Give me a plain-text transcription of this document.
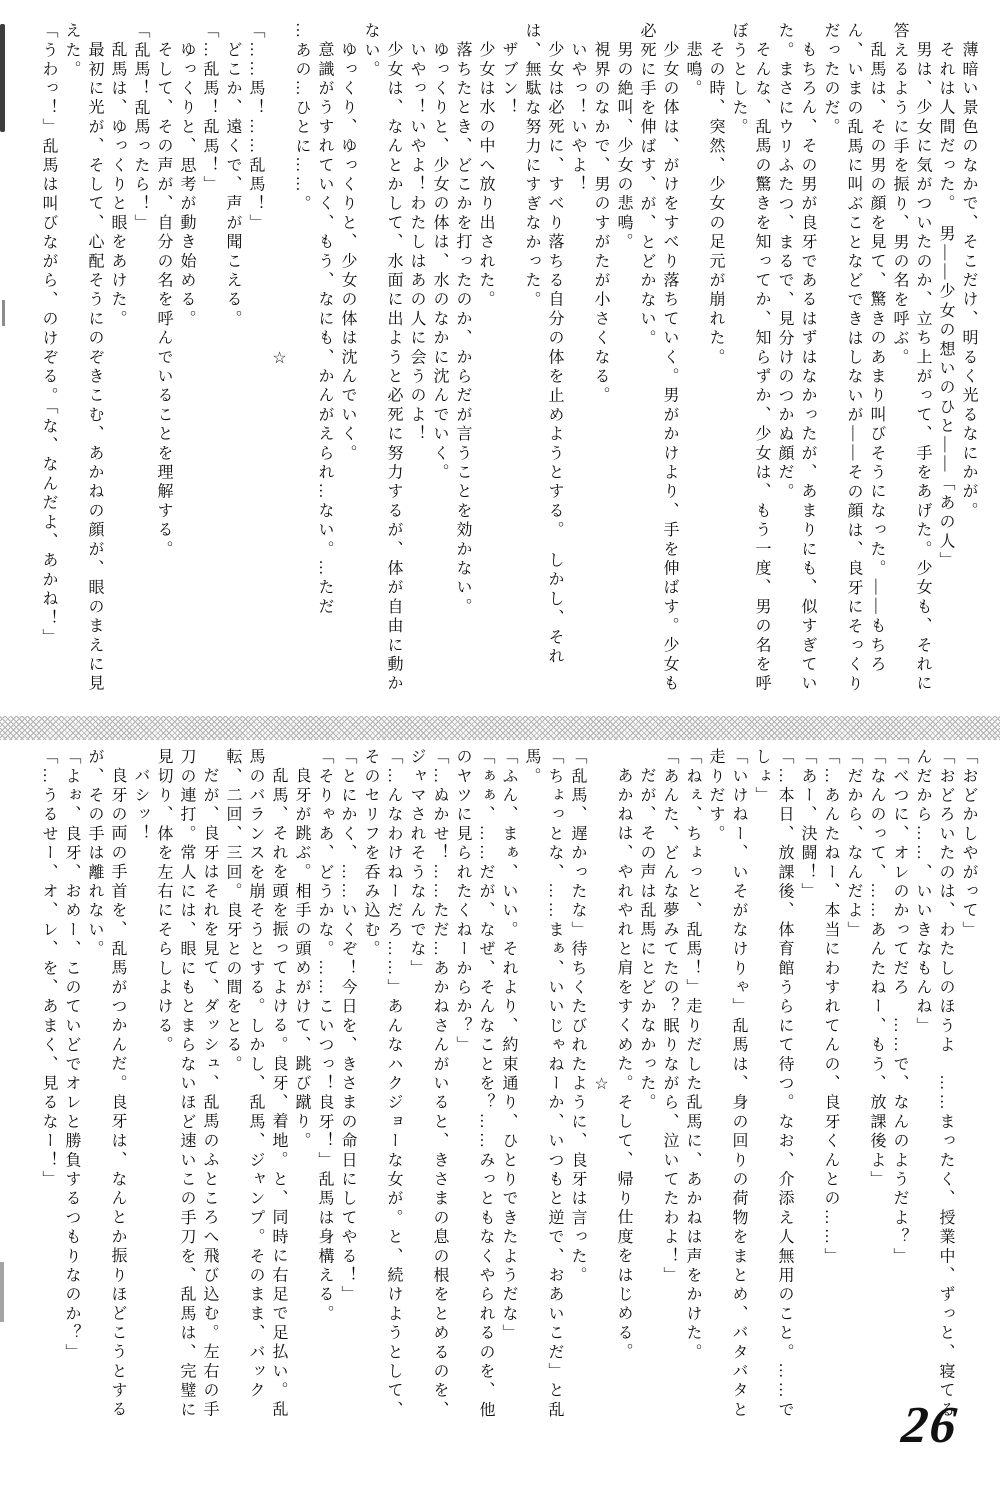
薄暗い景色のなかで、そこだけ、明るく光るなにかが。

それは人間だった。　男――少女の想いのひと――「あの人」

男は、少女に気がついたのか、立ち上がって、手をあげた。少女も、それに答えるように手を振り、男の名を呼ぶ。

乱馬は、その男の顔を見て、驚きのあまり叫びそうになった。――もちろん、いまの乱馬に叫ぶことなどできはしないが――その顔は、良牙にそっくりだったのだ。

もちろん、その男が良牙であるはずはなかったが、あまりにも、似すぎていた。まさにウリふたつ、まるで、見分けのつかぬ顔だ。

そんな、乱馬の驚きを知ってか、知らずか、少女は、もう一度、男の名を呼ぼうとした。

その時、突然、少女の足元が崩れた。

悲鳴。

少女の体は、がけをすべり落ちていく。男がかけより、手を伸ばす。少女も必死に手を伸ばす、が、とどかない。

男の絶叫、少女の悲鳴。

視界のなかで、男のすがたが小さくなる。

いやっ！いやよ！

少女は必死に、すべり落ちる自分の体を止めようとする。　しかし、それは、無駄な努力にすぎなかった。

ザブン！

少女は水の中へ放り出された。

落ちたとき、どこかを打ったのか、からだが言うことを効かない。

ゆっくりと、少女の体は、水のなかに沈んでいく。

いやっ！いやよ！わたしはあの人に会うのよ！

少女は、なんとかして、水面に出ようと必死に努力するが、体が自由に動かない。

ゆっくり、ゆっくりと、少女の体は沈んでいく。

意識がうすれていく、もう、なにも、かんがえられ…ない。…ただ

…あの…ひとに……。

☆

「……馬！……乱馬！」

どこか、遠くで、声が聞こえる。

「…乱馬！乱馬！」

ゆっくりと、思考が動き始める。

そして、その声が、自分の名を呼んでいることを理解する。

「乱馬！乱馬ったら！」

乱馬は、ゆっくりと眼をあけた。

最初に光が、そして、心配そうにのぞきこむ、あかねの顔が、眼のまえに見えた。

「うわっ！」乱馬は叫びながら、のけぞる。「な、なんだよ、あかね！」

「おどかしやがって」

「おどろいたのは、わたしのほうよ　……まったく、授業中、ずっと、寝てるんだから……、いいきなもんね」

「べつに、オレのかってだろ　……で、なんのようだよ？」

「なんのって、……あんたねー、もう、放課後よ」

「だから、なんだよ」

「…あんたねー、本当にわすれてんの、良牙くんとの……」

「あー、決闘！」

「…本日、放課後、体育館うらにて待つ。なお、介添え人無用のこと。……でしょ」

「いけねー、いそがなけりゃ」乱馬は、身の回りの荷物をまとめ、バタバタと走りだす。

「ねぇ、ちょっと、乱馬！」走りだした乱馬に、あかねは声をかけた。

「あんた、どんな夢みてたの？眠りながら、泣いてたわよ！」

だが、その声は乱馬にとどかなかった。

あかねは、やれやれと肩をすくめた。そして、帰り仕度をはじめる。

☆

「乱馬、遅かったな」待ちくたびれたように、良牙は言った。

「ちょっとな、……まぁ、いいじゃねーか、いつもと逆で、おあいこだ」と乱馬。

「ふん、まぁ、いい。それより、約束通り、ひとりできたようだな」

「ぁぁ、……だが、なぜ、そんなことを？……みっともなくやられるのを、他のヤツに見られたくねーからか？」

「…ぬかせ！……ただ…あかねさんがいると、きさまの息の根をとめるのを、ジャマされそうなんでな」

「…んなわけねーだろ……」あんなハクジョーな女が。と、続けようとして、そのセリフを呑み込む。

「とにかく、……いくぞ！今日を、きさまの命日にしてやる！」

「そりゃあ、どうかな。……こいつっ！良牙！」乱馬は身構える。

良牙が跳ぶ。相手の頭めがけて、跳び蹴り。

乱馬、それを頭を振ってよける。良牙、着地。と、同時に右足で足払い。乱馬のバランスを崩そうとする。しかし、乱馬、ジャンプ。そのまま、バック転、二回、三回。良牙との間をとる。

だが、良牙はそれを見て、ダッシュ、乱馬のふところへ飛び込む。左右の手刀の連打。常人には、眼にもとまらないほど速いこの手刀を、乱馬は、完璧に見切り、体を左右にそらしよける。

バシッ！

良牙の両の手首を、乱馬がつかんだ。良牙は、なんとか振りほどこうとするが、その手は離れない。

「よぉ、良牙、おめー、このていどでオレと勝負するつもりなのか？」

「…うるせー、オ、レ、を、あまく、見るなー！」

26
